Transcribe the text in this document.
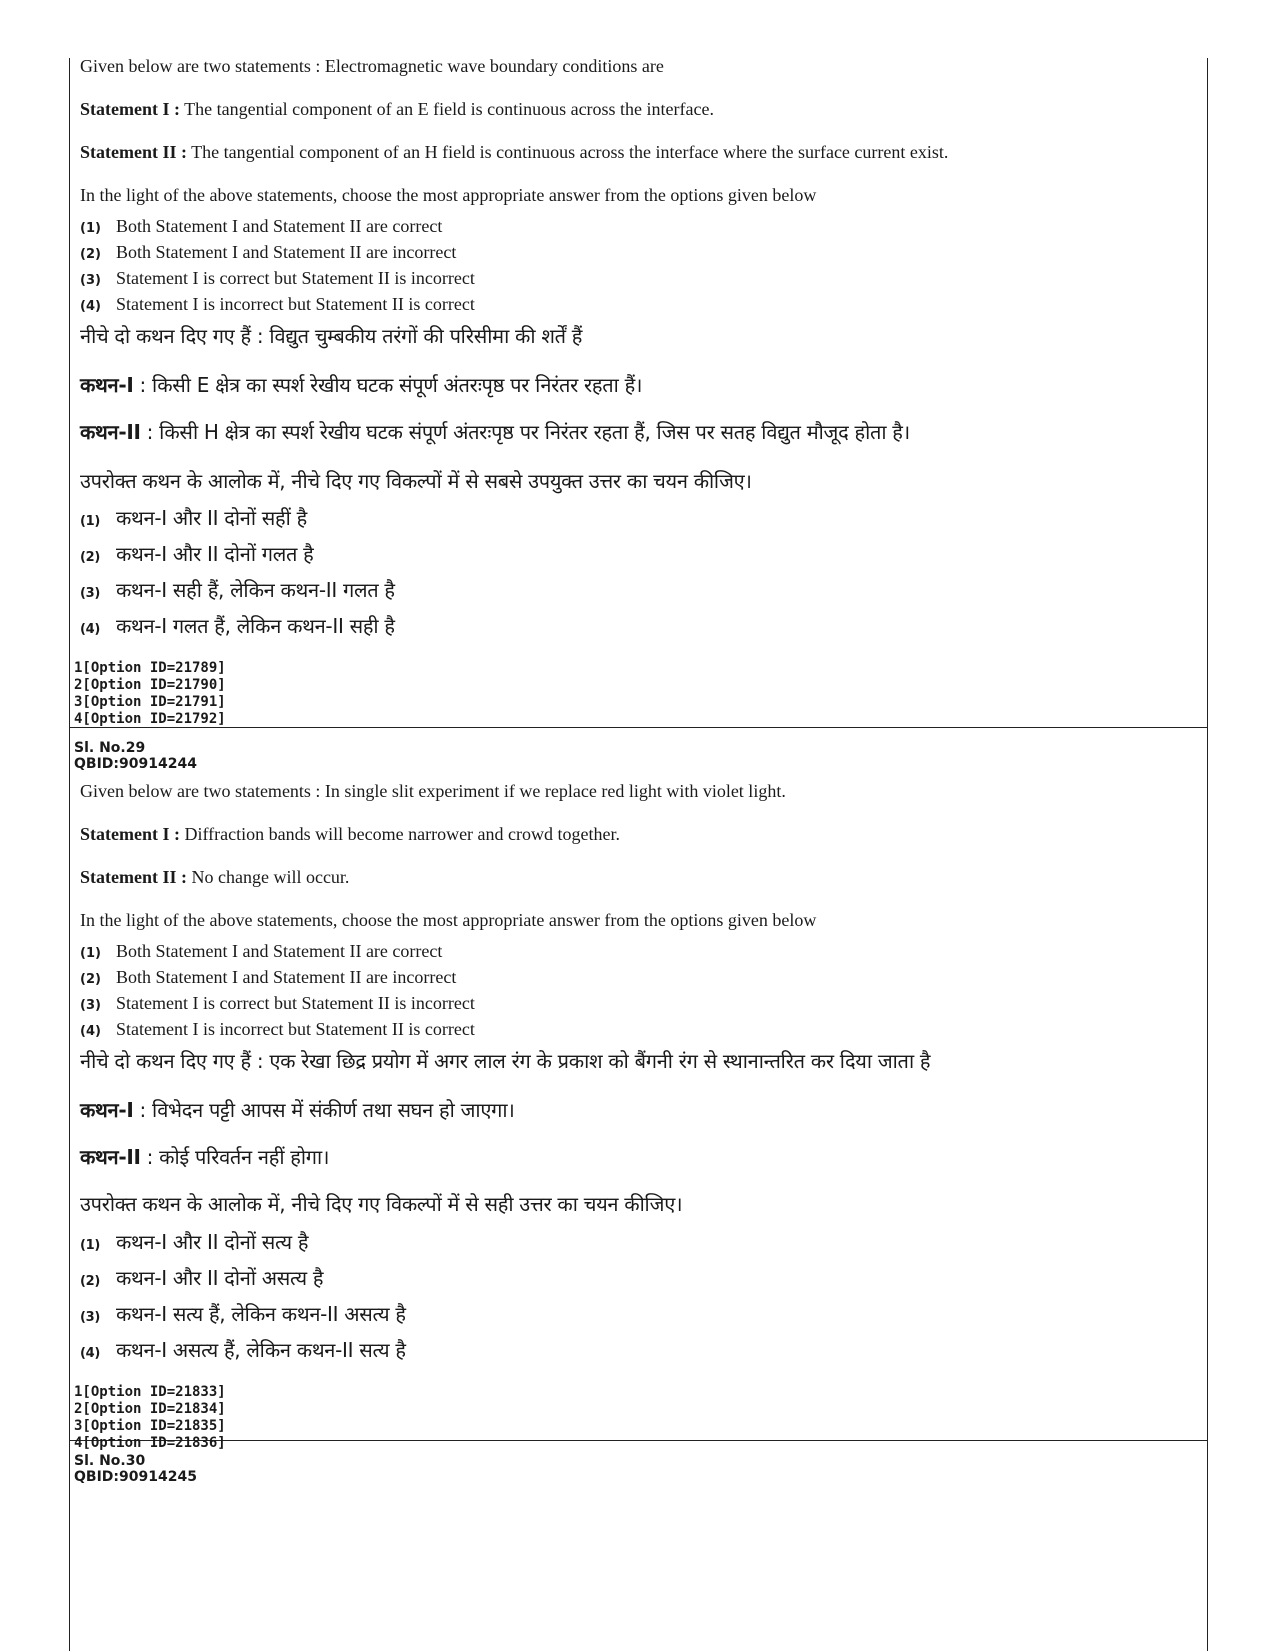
Given below are two statements : Electromagnetic wave boundary conditions are

Statement I : The tangential component of an E field is continuous across the interface.

Statement II : The tangential component of an H field is continuous across the interface where the surface current exist.

In the light of the above statements, choose the most appropriate answer from the options given below

(1) Both Statement I and Statement II are correct
(2) Both Statement I and Statement II are incorrect
(3) Statement I is correct but Statement II is incorrect
(4) Statement I is incorrect but Statement II is correct

नीचे दो कथन दिए गए हैं : विद्युत चुम्बकीय तरंगों की परिसीमा की शर्तें हैं

कथन-I : किसी E क्षेत्र का स्पर्श रेखीय घटक संपूर्ण अंतरःपृष्ठ पर निरंतर रहता हैं।

कथन-II : किसी H क्षेत्र का स्पर्श रेखीय घटक संपूर्ण अंतरःपृष्ठ पर निरंतर रहता हैं, जिस पर सतह विद्युत मौजूद होता है।

उपरोक्त कथन के आलोक में, नीचे दिए गए विकल्पों में से सबसे उपयुक्त उत्तर का चयन कीजिए।

(1) कथन-I और II दोनों सहीं है
(2) कथन-I और II दोनों गलत है
(3) कथन-I सही हैं, लेकिन कथन-II गलत है
(4) कथन-I गलत हैं, लेकिन कथन-II सही है
1[Option ID=21789]
2[Option ID=21790]
3[Option ID=21791]
4[Option ID=21792]
Sl. No.29
QBID:90914244

Given below are two statements : In single slit experiment if we replace red light with violet light.

Statement I : Diffraction bands will become narrower and crowd together.

Statement II : No change will occur.

In the light of the above statements, choose the most appropriate answer from the options given below

(1) Both Statement I and Statement II are correct
(2) Both Statement I and Statement II are incorrect
(3) Statement I is correct but Statement II is incorrect
(4) Statement I is incorrect but Statement II is correct

नीचे दो कथन दिए गए हैं : एक रेखा छिद्र प्रयोग में अगर लाल रंग के प्रकाश को बैंगनी रंग से स्थानान्तरित कर दिया जाता है

कथन-I : विभेदन पट्टी आपस में संकीर्ण तथा सघन हो जाएगा।

कथन-II : कोई परिवर्तन नहीं होगा।

उपरोक्त कथन के आलोक में, नीचे दिए गए विकल्पों में से सही उत्तर का चयन कीजिए।

(1) कथन-I और II दोनों सत्य है
(2) कथन-I और II दोनों असत्य है
(3) कथन-I सत्य हैं, लेकिन कथन-II असत्य है
(4) कथन-I असत्य हैं, लेकिन कथन-II सत्य है
1[Option ID=21833]
2[Option ID=21834]
3[Option ID=21835]
4[Option ID=21836]
Sl. No.30
QBID:90914245
